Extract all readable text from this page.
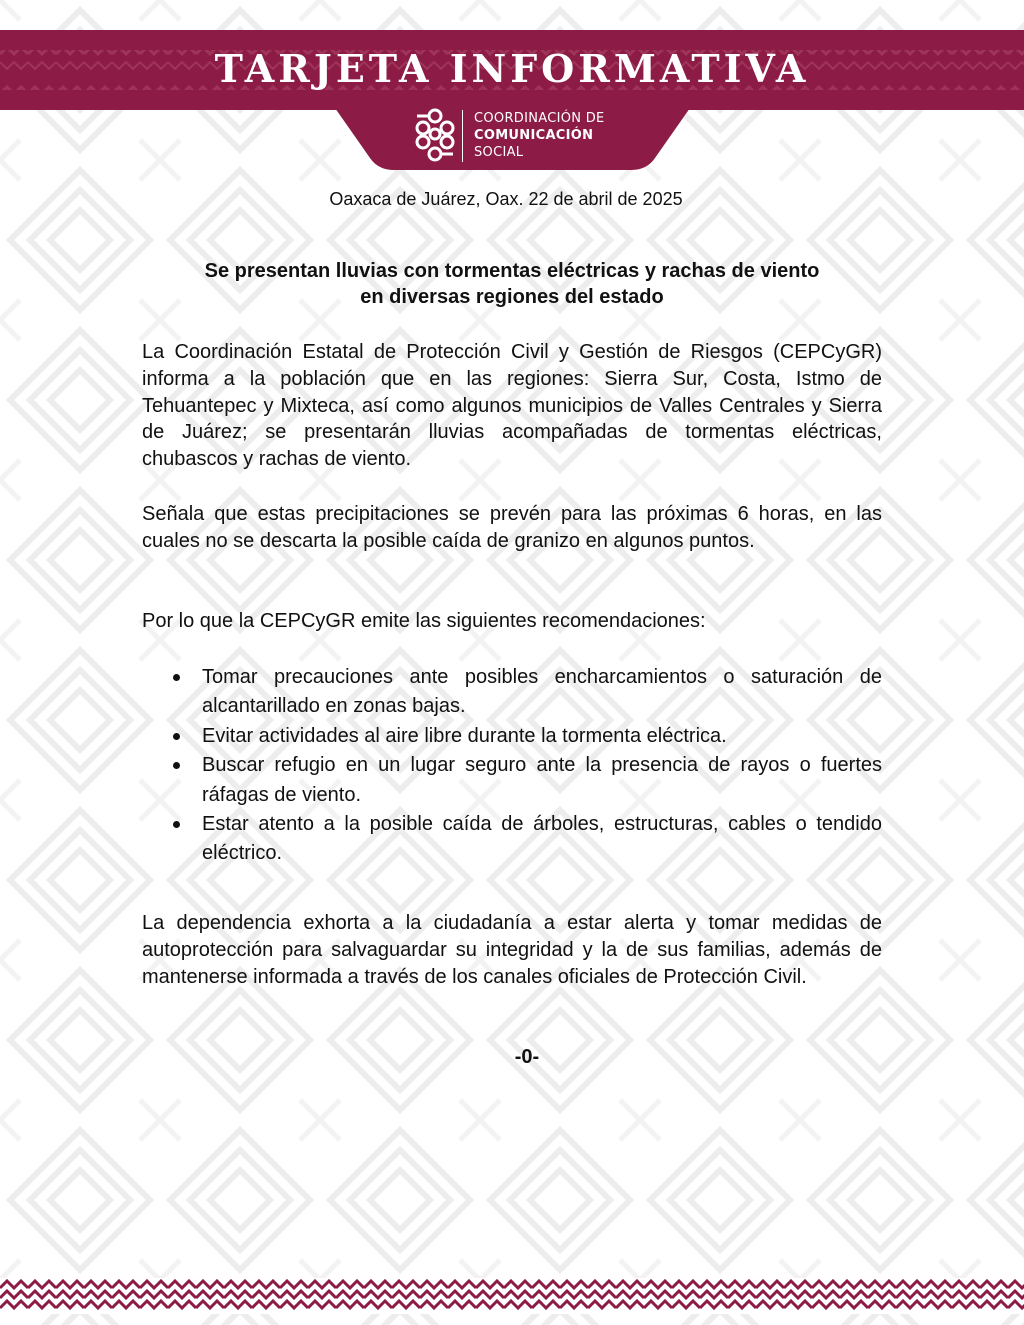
TARJETA INFORMATIVA
COORDINACIÓN DE
COMUNICACIÓN
SOCIAL
Oaxaca de Juárez, Oax. 22 de abril de 2025
Se presentan lluvias con tormentas eléctricas y rachas de viento
en diversas regiones del estado

La Coordinación Estatal de Protección Civil y Gestión de Riesgos (CEPCyGR) informa a la población que en las regiones: Sierra Sur, Costa, Istmo de Tehuantepec y Mixteca, así como algunos municipios de Valles Centrales y Sierra de Juárez; se presentarán lluvias acompañadas de tormentas eléctricas, chubascos y rachas de viento.

Señala que estas precipitaciones se prevén para las próximas 6 horas, en las cuales no se descarta la posible caída de granizo en algunos puntos.

Por lo que la CEPCyGR emite las siguientes recomendaciones:

Tomar precauciones ante posibles encharcamientos o saturación de alcantarillado en zonas bajas.
Evitar actividades al aire libre durante la tormenta eléctrica.
Buscar refugio en un lugar seguro ante la presencia de rayos o fuertes ráfagas de viento.
Estar atento a la posible caída de árboles, estructuras, cables o tendido eléctrico.

La dependencia exhorta a la ciudadanía a estar alerta y tomar medidas de autoprotección para salvaguardar su integridad y la de sus familias, además de mantenerse informada a través de los canales oficiales de Protección Civil.

-0-
